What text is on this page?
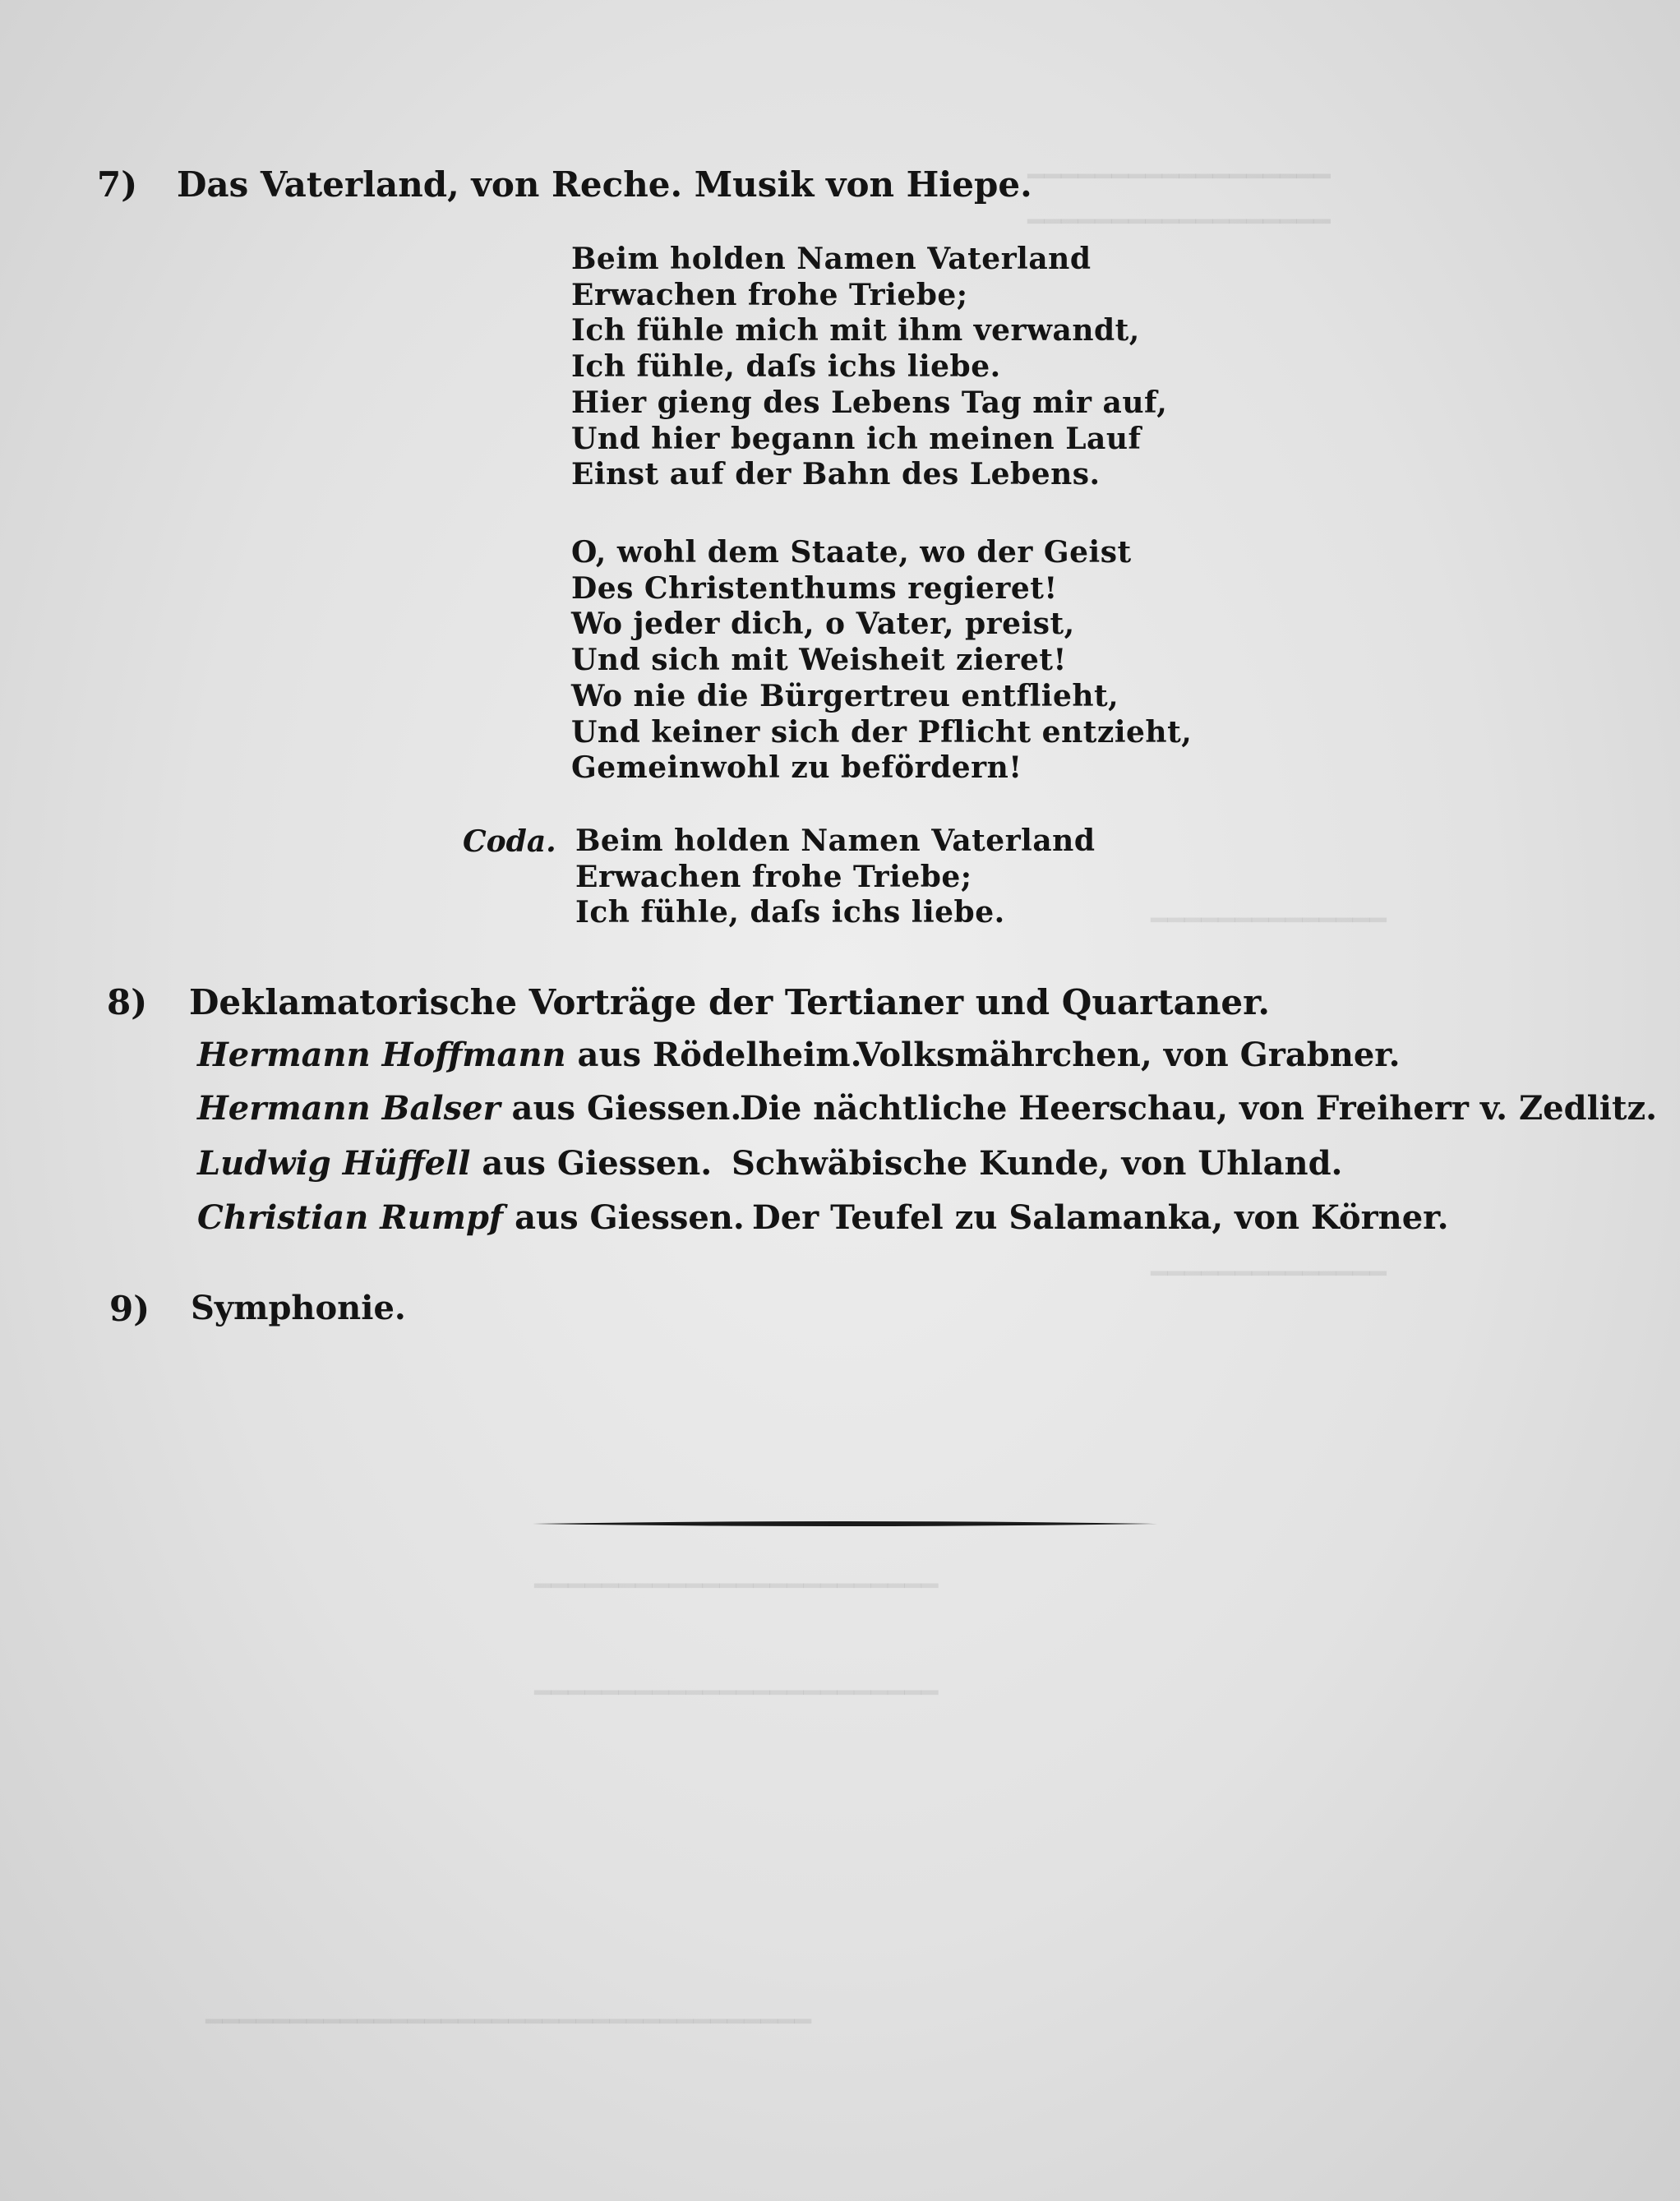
━━━━━━━━━━━━━━━━━━
━━━━━━━━━━━━━━━━━━
━━━━━━━━━━━━━━
━━━━━━━━━━━━━━
━━━━━━━━━━━━━━━━━━━━━━━━
━━━━━━━━━━━━━━━━━━━━━━━━
━━━━━━━━━━━━━━━━━━━━━━━━━━━━━━━━━━━━
7) Das Vaterland, von Reche. Musik von Hiepe.
Beim holden Namen Vaterland
Erwachen frohe Triebe;
Ich fühle mich mit ihm verwandt,
Ich fühle, daſs ichs liebe.
Hier gieng des Lebens Tag mir auf,
Und hier begann ich meinen Lauf
Einst auf der Bahn des Lebens.
O, wohl dem Staate, wo der Geist
Des Christenthums regieret!
Wo jeder dich, o Vater, preist,
Und sich mit Weisheit zieret!
Wo nie die Bürgertreu entflieht,
Und keiner sich der Pflicht entzieht,
Gemeinwohl zu befördern!
Coda. Beim holden Namen Vaterland
Erwachen frohe Triebe;
Ich fühle, daſs ichs liebe.
8) Deklamatorische Vorträge der Tertianer und Quartaner.
Hermann Hoffmann aus Rödelheim.
Volksmährchen, von Grabner.
Hermann Balser aus Giessen.
Die nächtliche Heerschau, von Freiherr v. Zedlitz.
Ludwig Hüffell aus Giessen. Schwäbische Kunde, von Uhland.
Christian Rumpf aus Giessen. Der Teufel zu Salamanka, von Körner.
9) Symphonie.
